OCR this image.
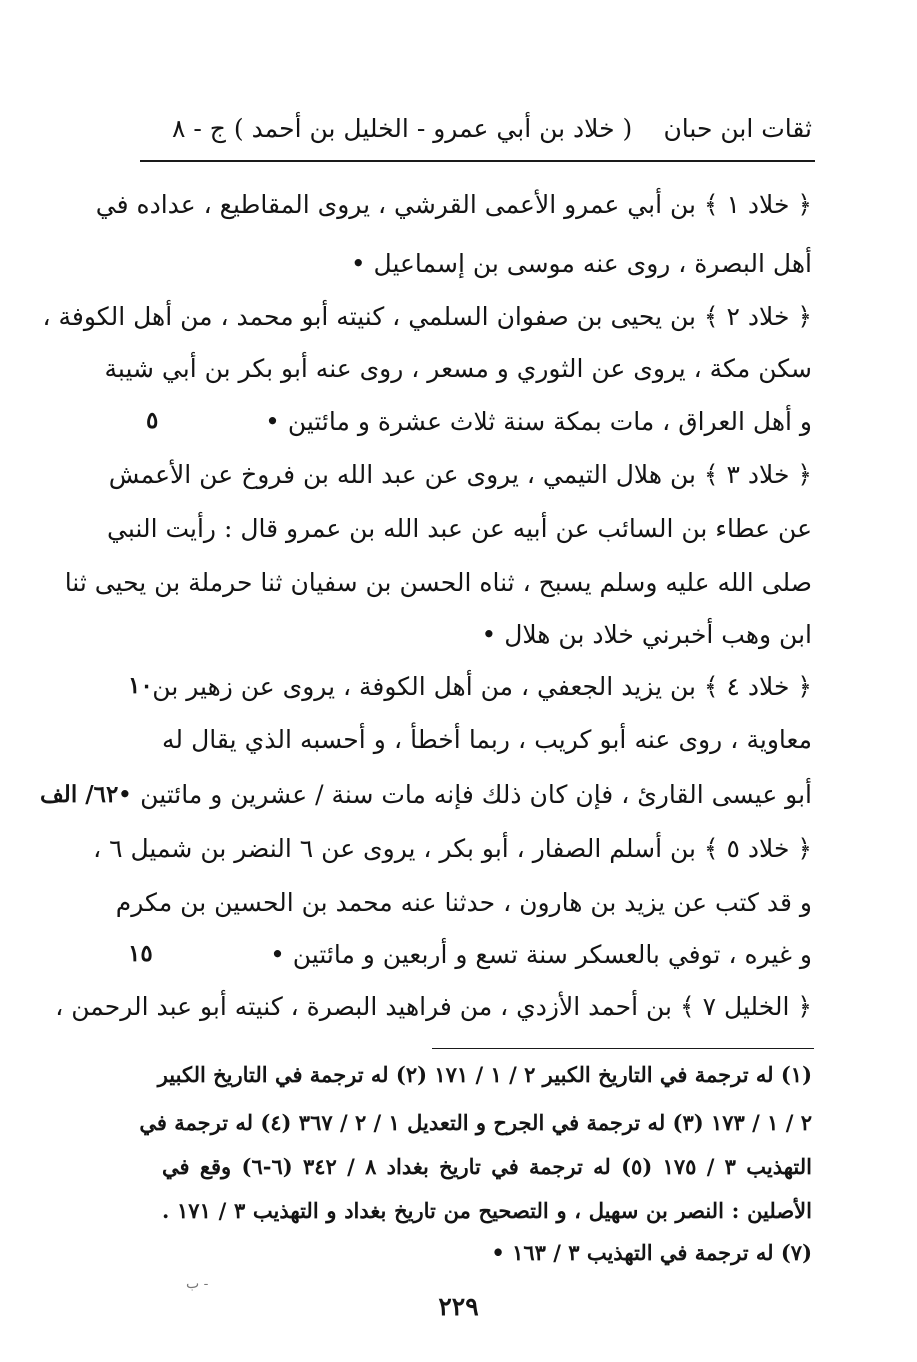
ثقات ابن حبان
( خلاد بن أبي عمرو - الخليل بن أحمد ) ج - ٨
﴿ خلاد ١ ﴾ بن أبي عمرو الأعمى القرشي ، يروى المقاطيع ، عداده في
أهل البصرة ، روى عنه موسى بن إسماعيل •
﴿ خلاد ٢ ﴾ بن يحيى بن صفوان السلمي ، كنيته أبو محمد ، من أهل الكوفة ،
سكن مكة ، يروى عن الثوري و مسعر ، روى عنه أبو بكر بن أبي شيبة
و أهل العراق ، مات بمكة سنة ثلاث عشرة و مائتين •
﴿ خلاد ٣ ﴾ بن هلال التيمي ، يروى عن عبد الله بن فروخ عن الأعمش
عن عطاء بن السائب عن أبيه عن عبد الله بن عمرو قال : رأيت النبي
صلى الله عليه وسلم يسبح ، ثناه الحسن بن سفيان ثنا حرملة بن يحيى ثنا
ابن وهب أخبرني خلاد بن هلال •
﴿ خلاد ٤ ﴾ بن يزيد الجعفي ، من أهل الكوفة ، يروى عن زهير بن
معاوية ، روى عنه أبو كريب ، ربما أخطأ ، و أحسبه الذي يقال له
أبو عيسى القارئ ، فإن كان ذلك فإنه مات سنة / عشرين و مائتين •
﴿ خلاد ٥ ﴾ بن أسلم الصفار ، أبو بكر ، يروى عن ٦ النضر بن شميل ٦ ،
و قد كتب عن يزيد بن هارون ، حدثنا عنه محمد بن الحسين بن مكرم
و غيره ، توفي بالعسكر سنة تسع و أربعين و مائتين •
﴿ الخليل ٧ ﴾ بن أحمد الأزدي ، من فراهيد البصرة ، كنيته أبو عبد الرحمن ،
٥
١٠
٦٢/ الف
١٥
(١) له ترجمة في التاريخ الكبير ٢ / ١ / ١٧١ (٢) له ترجمة في التاريخ الكبير
٢ / ١ / ١٧٣ (٣) له ترجمة في الجرح و التعديل ١ / ٢ / ٣٦٧ (٤) له ترجمة في
التهذيب ٣ / ١٧٥ (٥) له ترجمة في تاريخ بغداد ٨ / ٣٤٢ (٦-٦) وقع في
الأصلين : النصر بن سهيل ، و التصحيح من تاريخ بغداد و التهذيب ٣ / ١٧١ .
(٧) له ترجمة في التهذيب ٣ / ١٦٣ •
ب -
٢٢٩
